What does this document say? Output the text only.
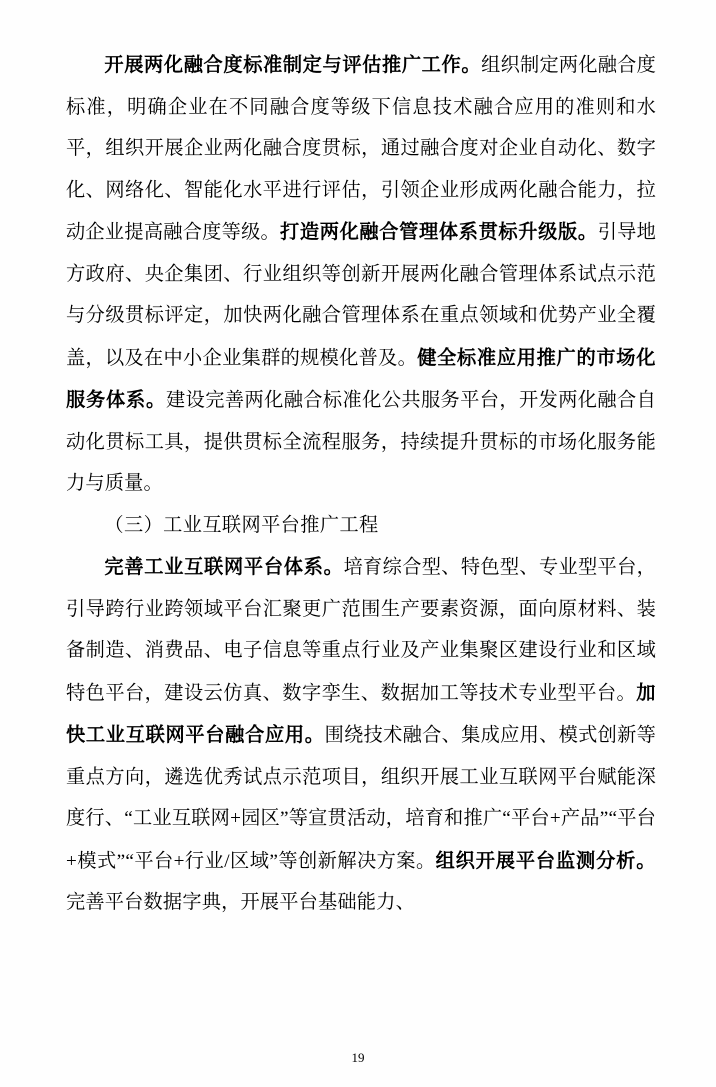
开展两化融合度标准制定与评估推广工作。组织制定两化融合度标准，明确企业在不同融合度等级下信息技术融合应用的准则和水平，组织开展企业两化融合度贯标，通过融合度对企业自动化、数字化、网络化、智能化水平进行评估，引领企业形成两化融合能力，拉动企业提高融合度等级。打造两化融合管理体系贯标升级版。引导地方政府、央企集团、行业组织等创新开展两化融合管理体系试点示范与分级贯标评定，加快两化融合管理体系在重点领域和优势产业全覆盖，以及在中小企业集群的规模化普及。健全标准应用推广的市场化服务体系。建设完善两化融合标准化公共服务平台，开发两化融合自动化贯标工具，提供贯标全流程服务，持续提升贯标的市场化服务能力与质量。

（三）工业互联网平台推广工程

完善工业互联网平台体系。培育综合型、特色型、专业型平台，引导跨行业跨领域平台汇聚更广范围生产要素资源，面向原材料、装备制造、消费品、电子信息等重点行业及产业集聚区建设行业和区域特色平台，建设云仿真、数字孪生、数据加工等技术专业型平台。加快工业互联网平台融合应用。围绕技术融合、集成应用、模式创新等重点方向，遴选优秀试点示范项目，组织开展工业互联网平台赋能深度行、“工业互联网+园区”等宣贯活动，培育和推广“平台+产品”“平台+模式”“平台+行业/区域”等创新解决方案。组织开展平台监测分析。完善平台数据字典，开展平台基础能力、

19
